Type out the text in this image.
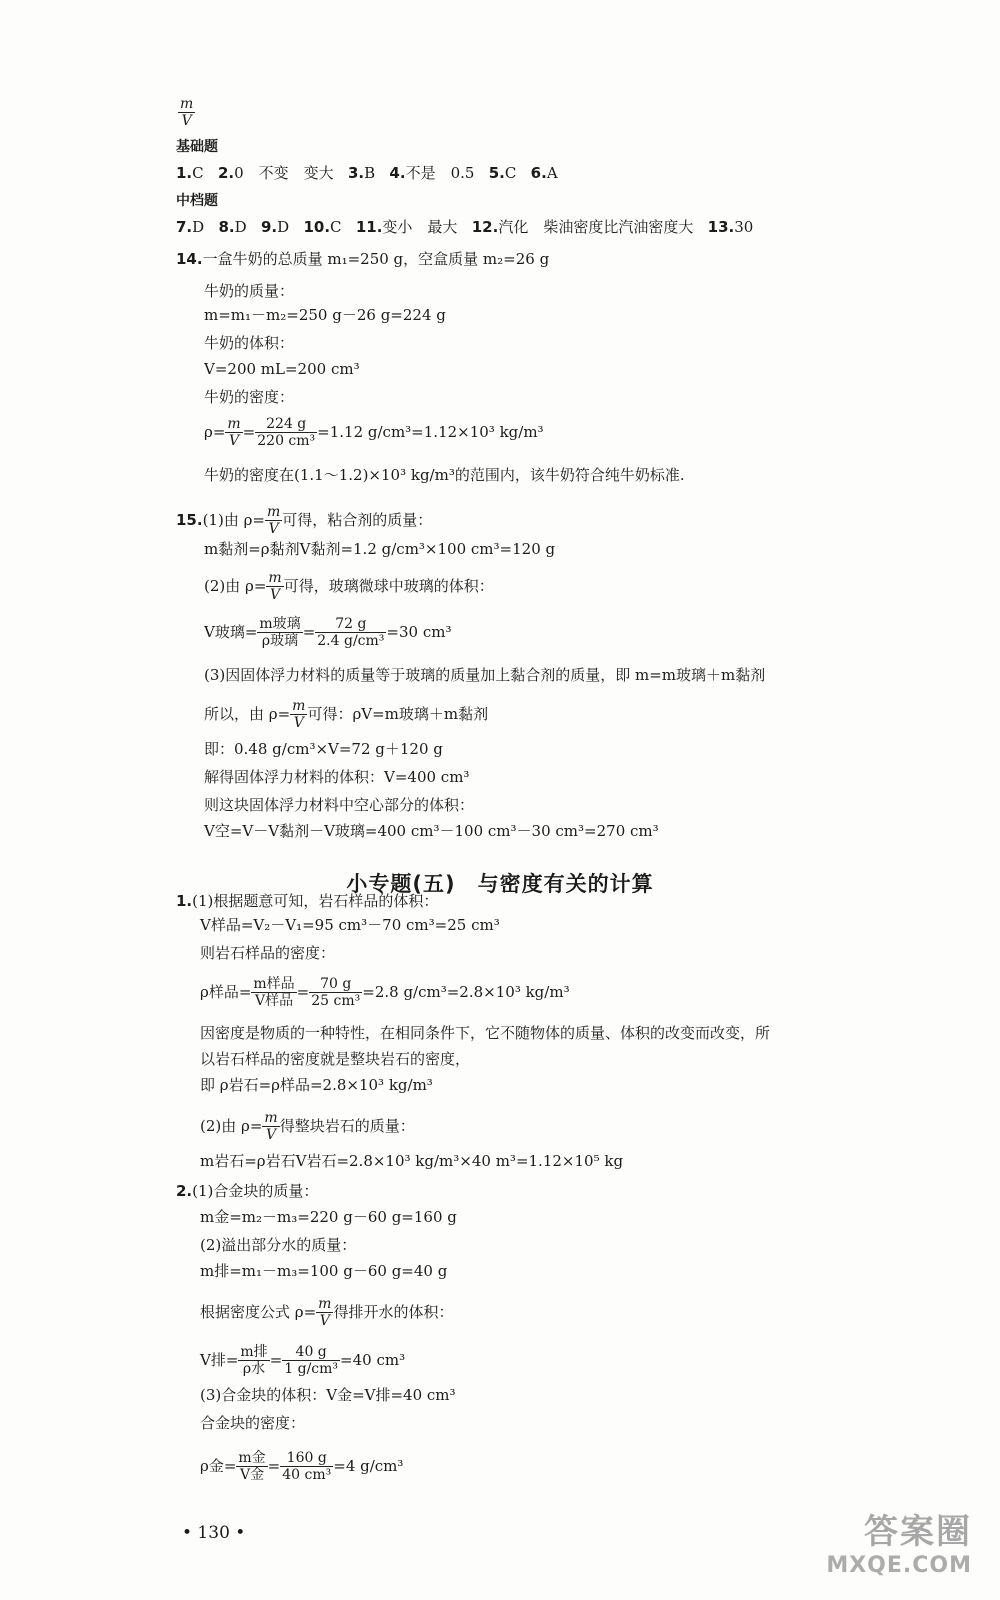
$\frac{m}{V}$
基础题
1.C 2.0　不变　变大 3.B 4.不是　0.5 5.C 6.A
中档题
7.D 8.D 9.D 10.C 11.变小　最大 12.汽化　柴油密度比汽油密度大 13.30
14.一盒牛奶的总质量 m₁=250 g，空盒质量 m₂=26 g
牛奶的质量：
m=m₁－m₂=250 g－26 g=224 g
牛奶的体积：
V=200 mL=200 cm³
牛奶的密度：
$\rho= \frac{m}{V} = \frac{224 g}{\text{220 cm³}} =1.12$ g/cm³=1.12×10³ kg/m³
牛奶的密度在(1.1～1.2)×10³ kg/m³的范围内，该牛奶符合纯牛奶标准.
15.(1)由 $\rho= \frac{m}{V}$ 可得，粘合剂的质量：
m黏剂=ρ黏剂V黏剂=1.2 g/cm³×100 cm³=120 g
(2)由 $\rho= \frac{m}{V}$ 可得，玻璃微球中玻璃的体积：
V玻璃= $\frac{\text{m玻璃}}{\text{ρ玻璃}} = \frac{72 g}{\text{2.4 g/cm³}} =30$ cm³
(3)因固体浮力材料的质量等于玻璃的质量加上黏合剂的质量，即 m=m玻璃＋m黏剂
所以，由 $\rho= \frac{m}{V}$ 可得：ρV=m玻璃＋m黏剂
即：0.48 g/cm³×V=72 g＋120 g
解得固体浮力材料的体积：V=400 cm³
则这块固体浮力材料中空心部分的体积：
V空=V－V黏剂－V玻璃=400 cm³－100 cm³－30 cm³=270 cm³
小专题(五)　与密度有关的计算
1.(1)根据题意可知，岩石样品的体积：
V样品=V₂－V₁=95 cm³－70 cm³=25 cm³
则岩石样品的密度：
ρ样品= $\frac{\text{m样品}}{\text{V样品}} = \frac{70 g}{\text{25 cm³}} =2.8$ g/cm³=2.8×10³ kg/m³
因密度是物质的一种特性，在相同条件下，它不随物体的质量、体积的改变而改变，所
以岩石样品的密度就是整块岩石的密度，
即 ρ岩石=ρ样品=2.8×10³ kg/m³
(2)由 $\rho= \frac{m}{V}$ 得整块岩石的质量：
m岩石=ρ岩石V岩石=2.8×10³ kg/m³×40 m³=1.12×10⁵ kg
2.(1)合金块的质量：
m金=m₂－m₃=220 g－60 g=160 g
(2)溢出部分水的质量：
m排=m₁－m₃=100 g－60 g=40 g
根据密度公式 $\rho= \frac{m}{V}$ 得排开水的体积：
V排= $\frac{\text{m排}}{\text{ρ水}} = \frac{40 g}{\text{1 g/cm³}} =40$ cm³
(3)合金块的体积：V金=V排=40 cm³
合金块的密度：
ρ金= $\frac{\text{m金}}{\text{V金}} = \frac{160 g}{\text{40 cm³}} =4$ g/cm³
• 130 •	答案圈
MXQE.COM
